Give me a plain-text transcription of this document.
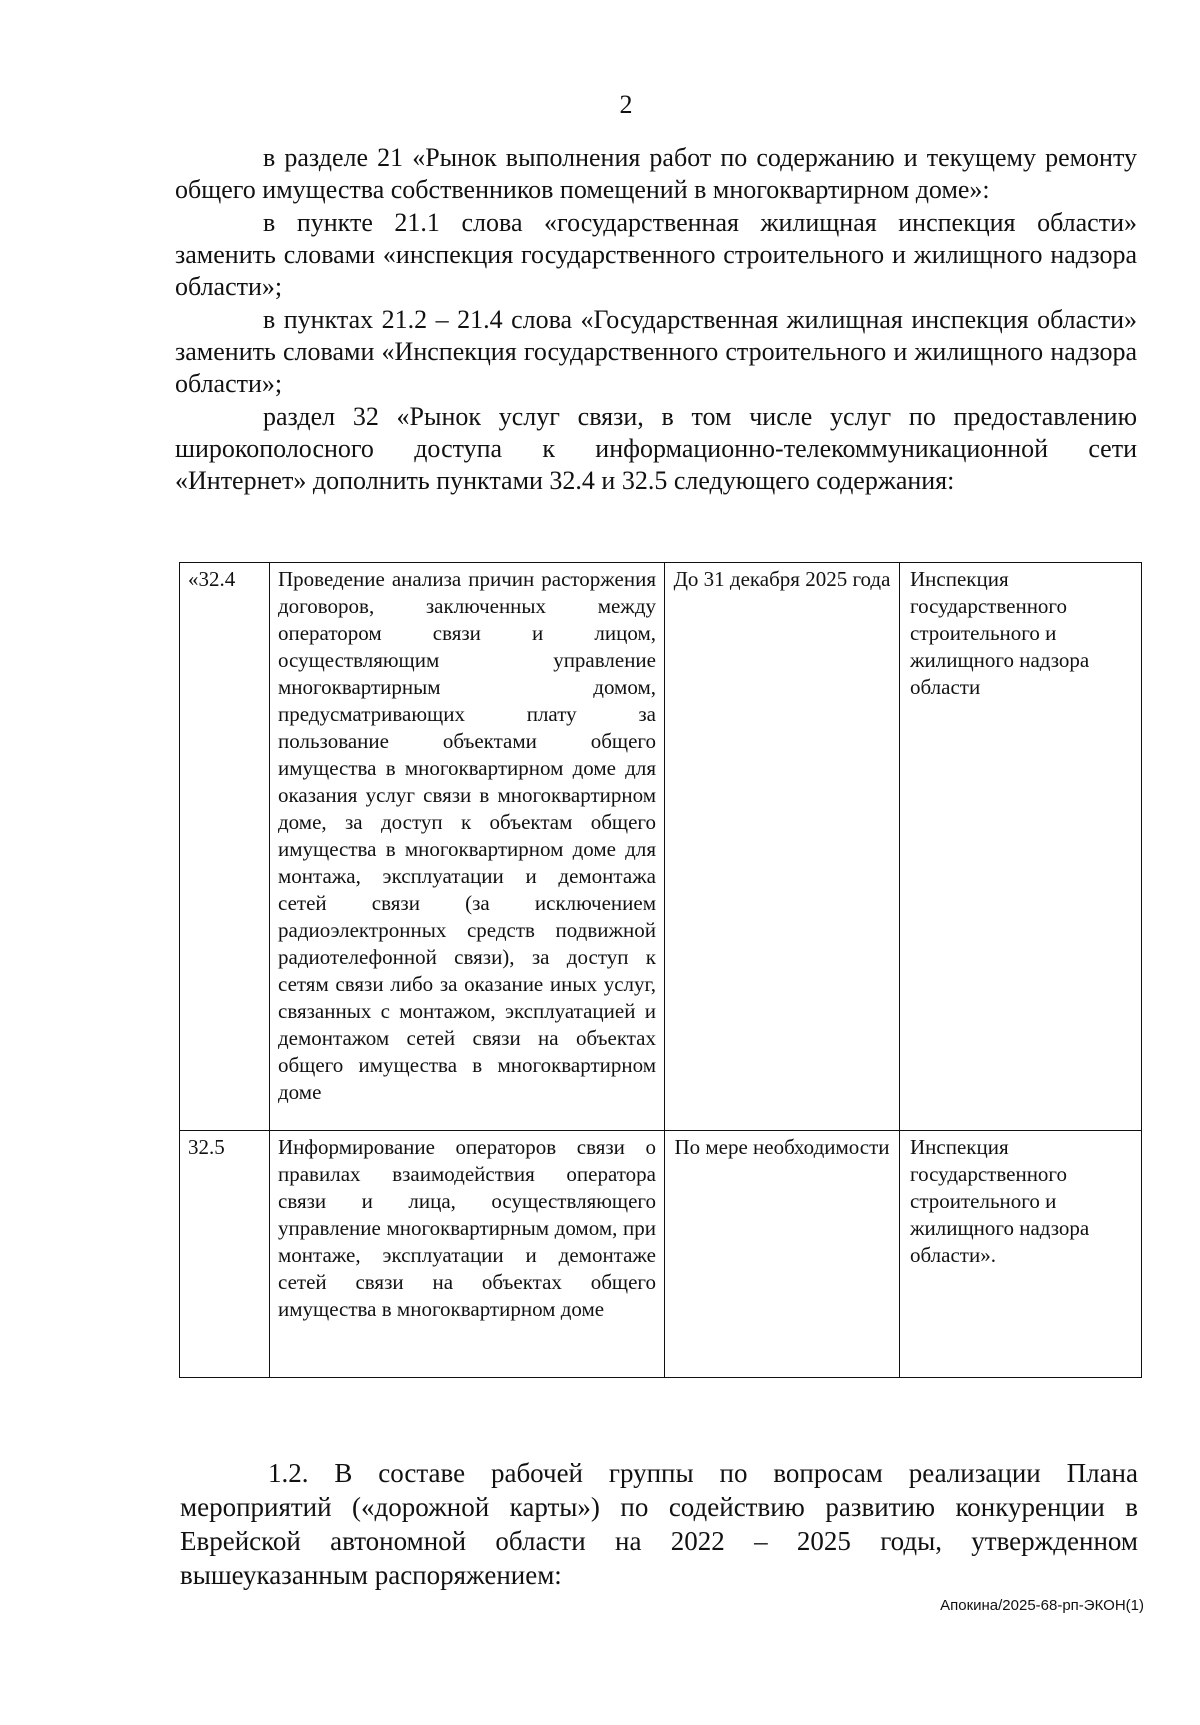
2

в разделе 21 «Рынок выполнения работ по содержанию и текущему ремонту общего имущества собственников помещений в многоквартирном доме»:

в пункте 21.1 слова «государственная жилищная инспекция области» заменить словами «инспекция государственного строительного и жилищного надзора области»;

в пунктах 21.2 – 21.4 слова «Государственная жилищная инспекция области» заменить словами «Инспекция государственного строительного и жилищного надзора области»;

раздел 32 «Рынок услуг связи, в том числе услуг по предоставлению широкополосного доступа к информационно-телекоммуникационной сети «Интернет» дополнить пунктами 32.4 и 32.5 следующего содержания:

«32.4	Проведение анализа причин расторжения договоров, заключенных между оператором связи и лицом, осуществляющим управление многоквартирным домом, предусматривающих плату за пользование объектами общего имущества в многоквартирном доме для оказания услуг связи в многоквартирном доме, за доступ к объектам общего имущества в многоквартирном доме для монтажа, эксплуатации и демонтажа сетей связи (за исключением радиоэлектронных средств подвижной радиотелефонной связи), за доступ к сетям связи либо за оказание иных услуг, связанных с монтажом, эксплуатацией и демонтажом сетей связи на объектах общего имущества в многоквартирном доме	До 31 декабря 2025 года	Инспекция государственного строительного и жилищного надзора области
32.5	Информирование операторов связи о правилах взаимодействия оператора связи и лица, осуществляющего управление многоквартирным домом, при монтаже, эксплуатации и демонтаже сетей связи на объектах общего имущества в многоквартирном доме	По мере необходимости	Инспекция государственного строительного и жилищного надзора области».

1.2. В составе рабочей группы по вопросам реализации Плана мероприятий («дорожной карты») по содействию развитию конкуренции в Еврейской автономной области на 2022 – 2025 годы, утвержденном вышеуказанным распоряжением:

Апокина/2025-68-рп-ЭКОН(1)
